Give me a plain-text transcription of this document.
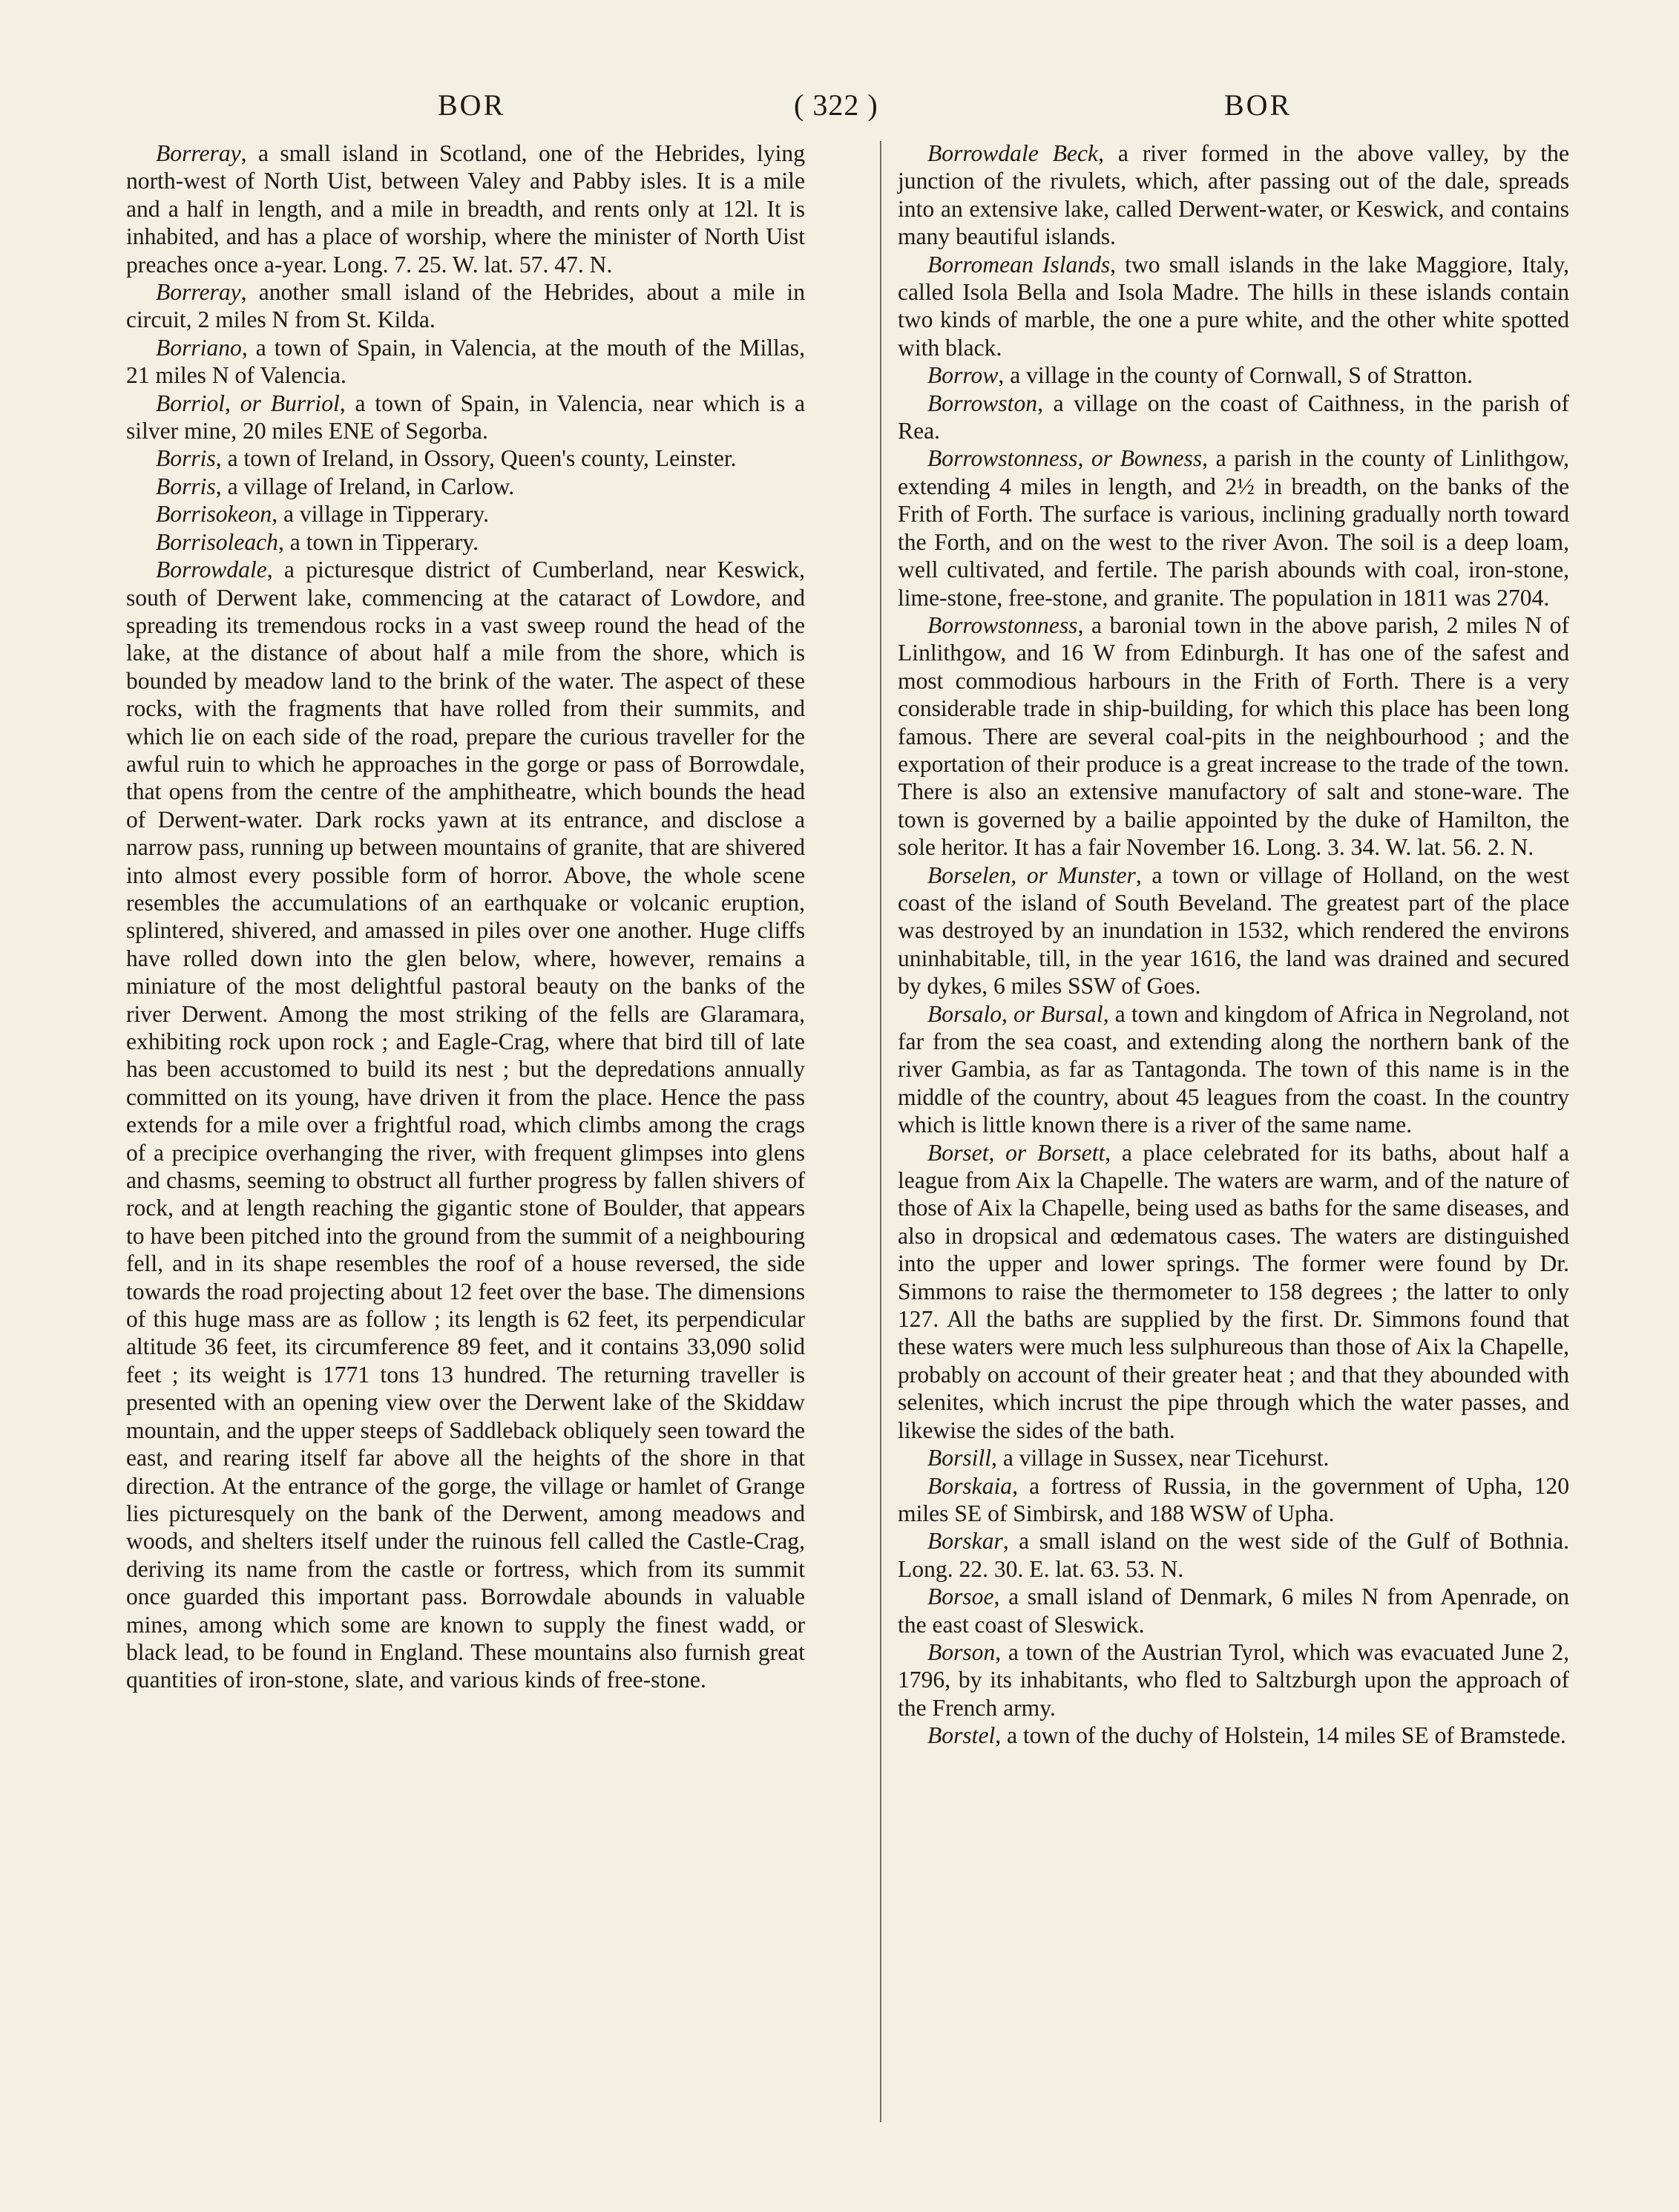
BOR	( 322 )	BOR

Borreray, a small island in Scotland, one of the Hebrides, lying north-west of North Uist, between Valey and Pabby isles. It is a mile and a half in length, and a mile in breadth, and rents only at 12l. It is inhabited, and has a place of worship, where the minister of North Uist preaches once a-year. Long. 7. 25. W. lat. 57. 47. N.

Borreray, another small island of the Hebrides, about a mile in circuit, 2 miles N from St. Kilda.

Borriano, a town of Spain, in Valencia, at the mouth of the Millas, 21 miles N of Valencia.

Borriol, or Burriol, a town of Spain, in Valencia, near which is a silver mine, 20 miles ENE of Segorba.

Borris, a town of Ireland, in Ossory, Queen's county, Leinster.

Borris, a village of Ireland, in Carlow.

Borrisokeon, a village in Tipperary.

Borrisoleach, a town in Tipperary.

Borrowdale, a picturesque district of Cumberland, near Keswick, south of Derwent lake, commencing at the cataract of Lowdore, and spreading its tremendous rocks in a vast sweep round the head of the lake, at the distance of about half a mile from the shore, which is bounded by meadow land to the brink of the water. The aspect of these rocks, with the fragments that have rolled from their summits, and which lie on each side of the road, prepare the curious traveller for the awful ruin to which he approaches in the gorge or pass of Borrowdale, that opens from the centre of the amphitheatre, which bounds the head of Derwent-water. Dark rocks yawn at its entrance, and disclose a narrow pass, running up between mountains of granite, that are shivered into almost every possible form of horror. Above, the whole scene resembles the accumulations of an earthquake or volcanic eruption, splintered, shivered, and amassed in piles over one another. Huge cliffs have rolled down into the glen below, where, however, remains a miniature of the most delightful pastoral beauty on the banks of the river Derwent. Among the most striking of the fells are Glaramara, exhibiting rock upon rock ; and Eagle-Crag, where that bird till of late has been accustomed to build its nest ; but the depredations annually committed on its young, have driven it from the place. Hence the pass extends for a mile over a frightful road, which climbs among the crags of a precipice overhanging the river, with frequent glimpses into glens and chasms, seeming to obstruct all further progress by fallen shivers of rock, and at length reaching the gigantic stone of Boulder, that appears to have been pitched into the ground from the summit of a neighbouring fell, and in its shape resembles the roof of a house reversed, the side towards the road projecting about 12 feet over the base. The dimensions of this huge mass are as follow ; its length is 62 feet, its perpendicular altitude 36 feet, its circumference 89 feet, and it contains 33,090 solid feet ; its weight is 1771 tons 13 hundred. The returning traveller is presented with an opening view over the Derwent lake of the Skiddaw mountain, and the upper steeps of Saddleback obliquely seen toward the east, and rearing itself far above all the heights of the shore in that direction. At the entrance of the gorge, the village or hamlet of Grange lies picturesquely on the bank of the Derwent, among meadows and woods, and shelters itself under the ruinous fell called the Castle-Crag, deriving its name from the castle or fortress, which from its summit once guarded this important pass. Borrowdale abounds in valuable mines, among which some are known to supply the finest wadd, or black lead, to be found in England. These mountains also furnish great quantities of iron-stone, slate, and various kinds of free-stone.

Borrowdale Beck, a river formed in the above valley, by the junction of the rivulets, which, after passing out of the dale, spreads into an extensive lake, called Derwent-water, or Keswick, and contains many beautiful islands.

Borromean Islands, two small islands in the lake Maggiore, Italy, called Isola Bella and Isola Madre. The hills in these islands contain two kinds of marble, the one a pure white, and the other white spotted with black.

Borrow, a village in the county of Cornwall, S of Stratton.

Borrowston, a village on the coast of Caithness, in the parish of Rea.

Borrowstonness, or Bowness, a parish in the county of Linlithgow, extending 4 miles in length, and 2½ in breadth, on the banks of the Frith of Forth. The surface is various, inclining gradually north toward the Forth, and on the west to the river Avon. The soil is a deep loam, well cultivated, and fertile. The parish abounds with coal, iron-stone, lime-stone, free-stone, and granite. The population in 1811 was 2704.

Borrowstonness, a baronial town in the above parish, 2 miles N of Linlithgow, and 16 W from Edinburgh. It has one of the safest and most commodious harbours in the Frith of Forth. There is a very considerable trade in ship-building, for which this place has been long famous. There are several coal-pits in the neighbourhood ; and the exportation of their produce is a great increase to the trade of the town. There is also an extensive manufactory of salt and stone-ware. The town is governed by a bailie appointed by the duke of Hamilton, the sole heritor. It has a fair November 16. Long. 3. 34. W. lat. 56. 2. N.

Borselen, or Munster, a town or village of Holland, on the west coast of the island of South Beveland. The greatest part of the place was destroyed by an inundation in 1532, which rendered the environs uninhabitable, till, in the year 1616, the land was drained and secured by dykes, 6 miles SSW of Goes.

Borsalo, or Bursal, a town and kingdom of Africa in Negroland, not far from the sea coast, and extending along the northern bank of the river Gambia, as far as Tantagonda. The town of this name is in the middle of the country, about 45 leagues from the coast. In the country which is little known there is a river of the same name.

Borset, or Borsett, a place celebrated for its baths, about half a league from Aix la Chapelle. The waters are warm, and of the nature of those of Aix la Chapelle, being used as baths for the same diseases, and also in dropsical and œdematous cases. The waters are distinguished into the upper and lower springs. The former were found by Dr. Simmons to raise the thermometer to 158 degrees ; the latter to only 127. All the baths are supplied by the first. Dr. Simmons found that these waters were much less sulphureous than those of Aix la Chapelle, probably on account of their greater heat ; and that they abounded with selenites, which incrust the pipe through which the water passes, and likewise the sides of the bath.

Borsill, a village in Sussex, near Ticehurst.

Borskaia, a fortress of Russia, in the government of Upha, 120 miles SE of Simbirsk, and 188 WSW of Upha.

Borskar, a small island on the west side of the Gulf of Bothnia. Long. 22. 30. E. lat. 63. 53. N.

Borsoe, a small island of Denmark, 6 miles N from Apenrade, on the east coast of Sleswick.

Borson, a town of the Austrian Tyrol, which was evacuated June 2, 1796, by its inhabitants, who fled to Saltzburgh upon the approach of the French army.

Borstel, a town of the duchy of Holstein, 14 miles SE of Bramstede.
